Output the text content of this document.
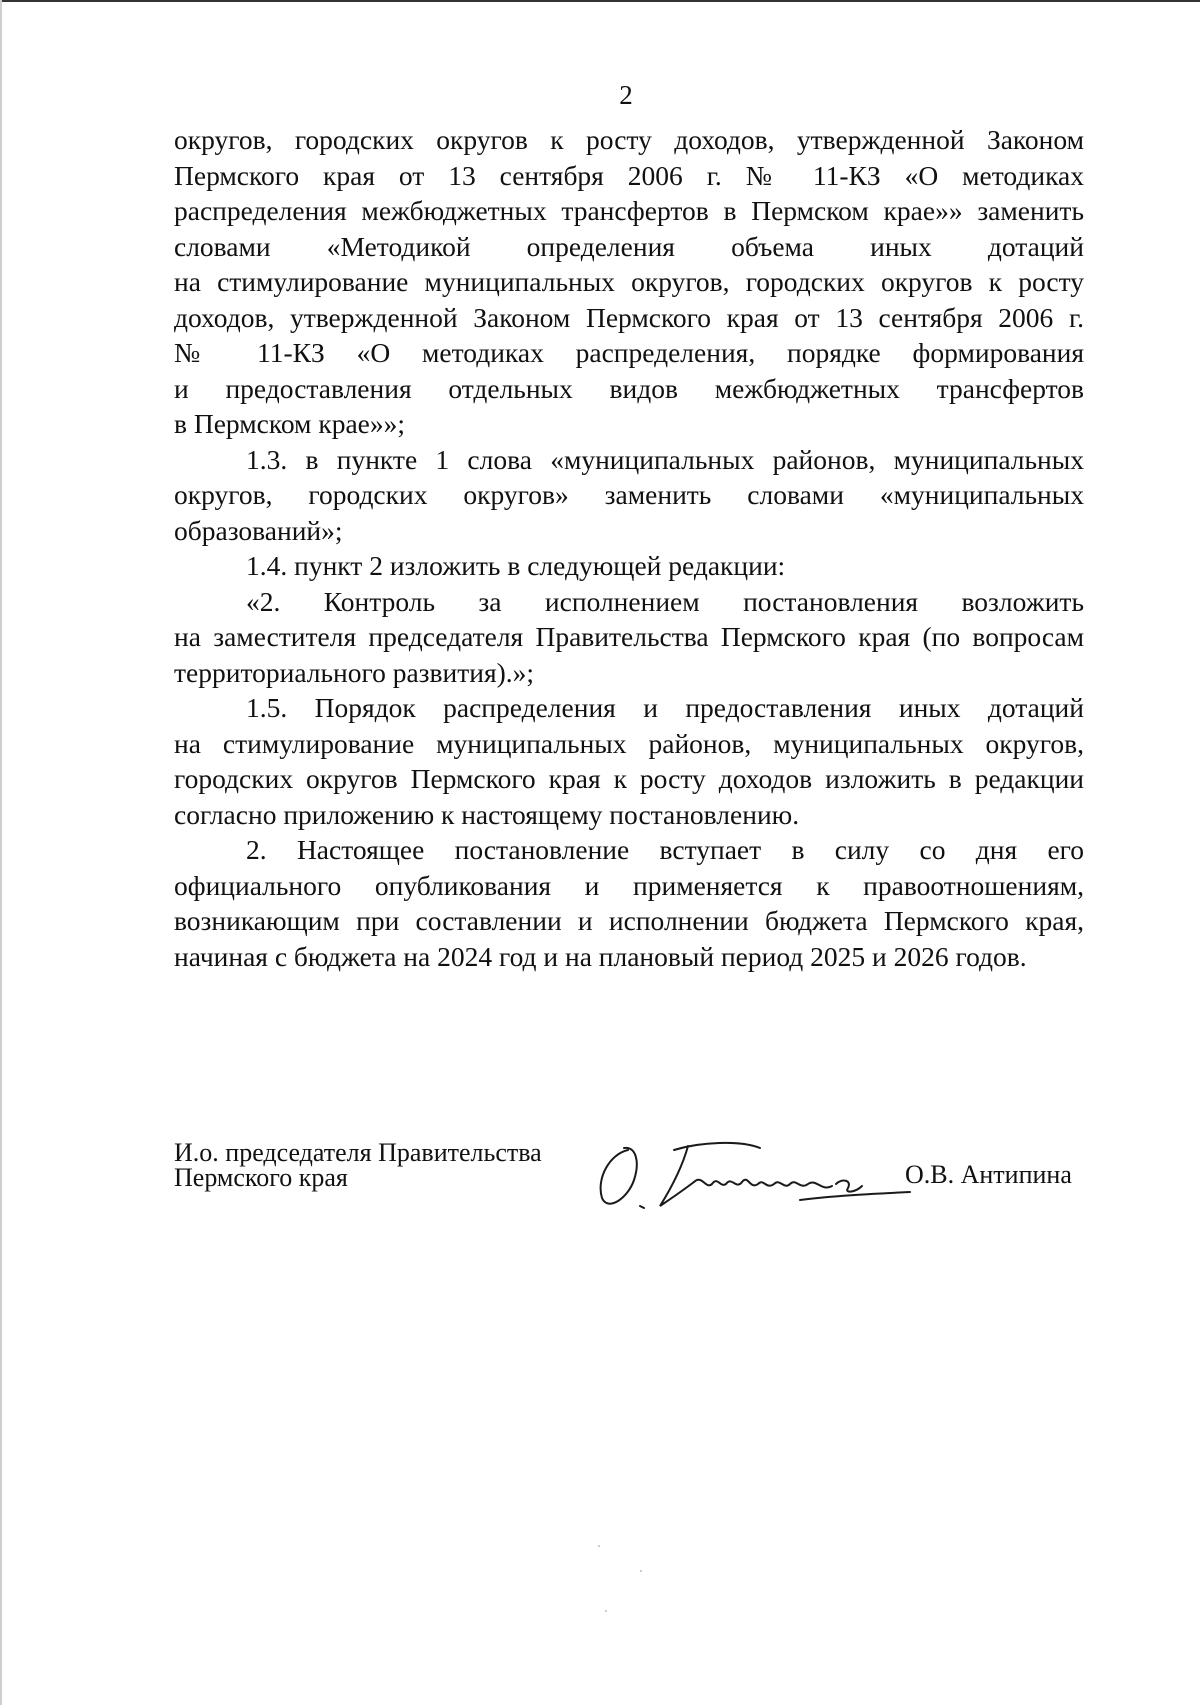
2
округов, городских округов к росту доходов, утвержденной Законом
Пермского края от 13 сентября 2006 г. № 11-КЗ «О методиках
распределения межбюджетных трансфертов в Пермском крае»» заменить
словами «Методикой определения объема иных дотаций
на стимулирование муниципальных округов, городских округов к росту
доходов, утвержденной Законом Пермского края от 13 сентября 2006 г.
№ 11-КЗ «О методиках распределения, порядке формирования
и предоставления отдельных видов межбюджетных трансфертов
в Пермском крае»»;
1.3. в пункте 1 слова «муниципальных районов, муниципальных
округов, городских округов» заменить словами «муниципальных
образований»;
1.4. пункт 2 изложить в следующей редакции:
«2. Контроль за исполнением постановления возложить
на заместителя председателя Правительства Пермского края (по вопросам
территориального развития).»;
1.5. Порядок распределения и предоставления иных дотаций
на стимулирование муниципальных районов, муниципальных округов,
городских округов Пермского края к росту доходов изложить в редакции
согласно приложению к настоящему постановлению.
2. Настоящее постановление вступает в силу со дня его
официального опубликования и применяется к правоотношениям,
возникающим при составлении и исполнении бюджета Пермского края,
начиная с бюджета на 2024 год и на плановый период 2025 и 2026 годов.
И.о. председателя Правительства
Пермского края	О.В. Антипина
